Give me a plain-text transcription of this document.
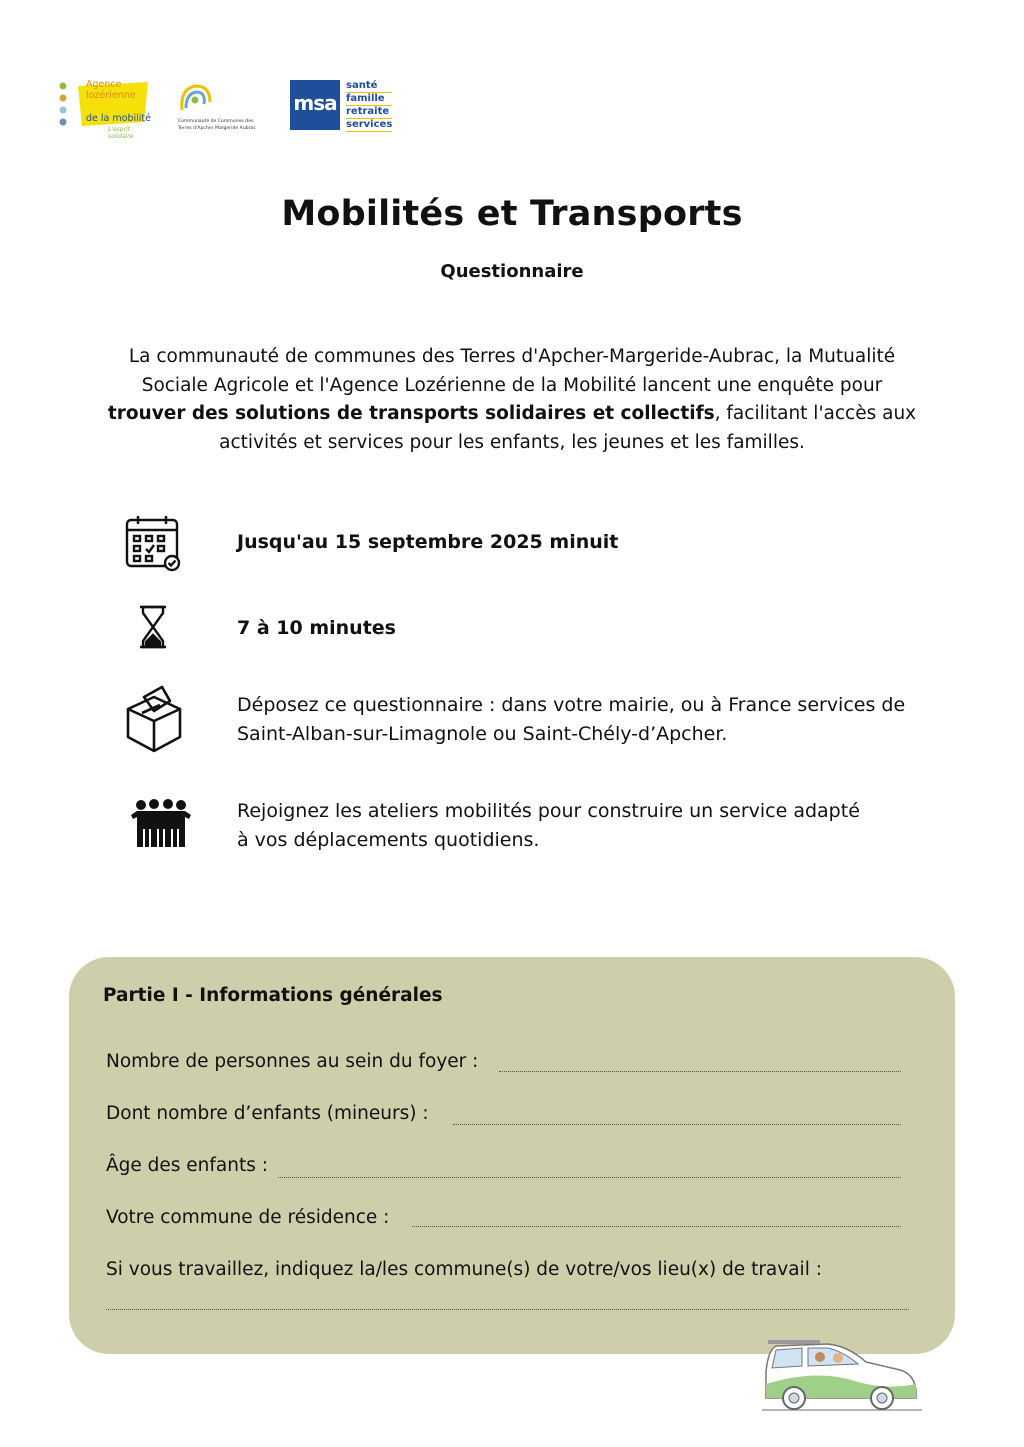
Agence lozérienne
de la mobilité
L'esprit solidaire
Communauté de Communes des
Terres d'Apcher Margeride Aubrac
msa
santé
famille
retraite
services
Mobilités et Transports
Questionnaire
La communauté de communes des Terres d'Apcher-Margeride-Aubrac, la Mutualité Sociale Agricole et l'Agence Lozérienne de la Mobilité lancent une enquête pour trouver des solutions de transports solidaires et collectifs, facilitant l'accès aux activités et services pour les enfants, les jeunes et les familles.
Jusqu'au 15 septembre 2025 minuit
7 à 10 minutes
Déposez ce questionnaire : dans votre mairie, ou à France services de
Saint-Alban-sur-Limagnole ou Saint-Chély-d’Apcher.
Rejoignez les ateliers mobilités pour construire un service adapté
à vos déplacements quotidiens.
Partie I - Informations générales
Nombre de personnes au sein du foyer :
Dont nombre d’enfants (mineurs) :
Âge des enfants :
Votre commune de résidence :
Si vous travaillez, indiquez la/les commune(s) de votre/vos lieu(x) de travail :
